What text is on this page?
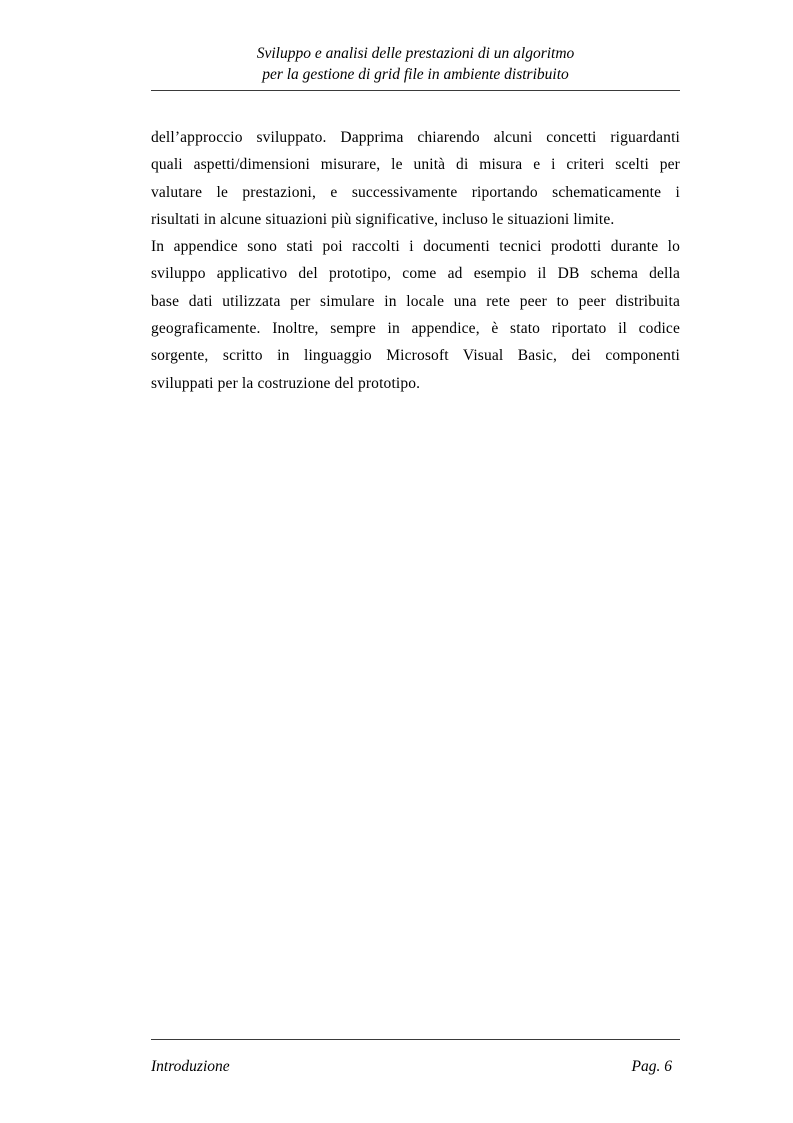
Sviluppo e analisi delle prestazioni di un algoritmo
per la gestione di grid file in ambiente distribuito
dell’approccio sviluppato. Dapprima chiarendo alcuni concetti riguardanti
quali aspetti/dimensioni misurare, le unità di misura e i criteri scelti per
valutare le prestazioni, e successivamente riportando schematicamente i
risultati in alcune situazioni più significative, incluso le situazioni limite.
In appendice sono stati poi raccolti i documenti tecnici prodotti durante lo
sviluppo applicativo del prototipo, come ad esempio il DB schema della
base dati utilizzata per simulare in locale una rete peer to peer distribuita
geograficamente. Inoltre, sempre in appendice, è stato riportato il codice
sorgente, scritto in linguaggio Microsoft Visual Basic, dei componenti
sviluppati per la costruzione del prototipo.
Introduzione	Pag. 6
